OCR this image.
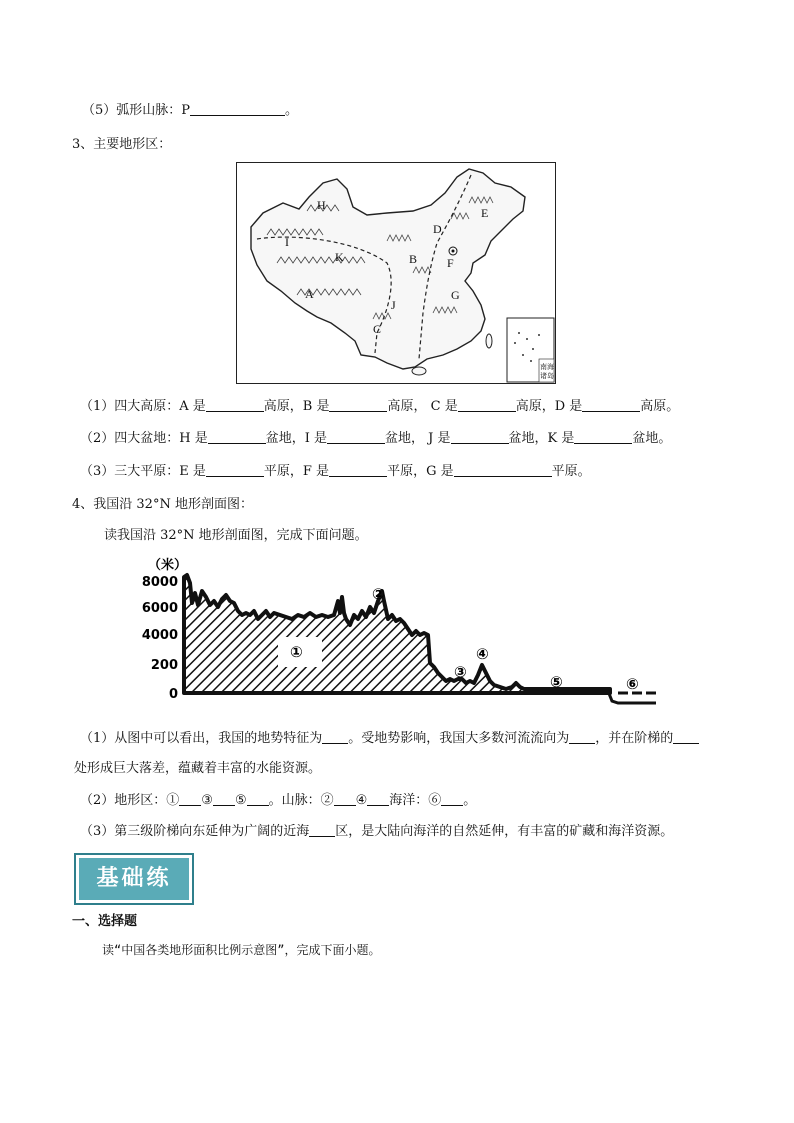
（5）弧形山脉：P	。
3、主要地形区：
H
I
K
A
B
D
E
F
G
J
C
南海
诸岛
（1）四大高原：A 是	高原，B 是	高原， C 是	高原，D 是	高原。
（2）四大盆地：H 是	盆地，I 是	盆地， J 是	盆地，K 是	盆地。
（3）三大平原：E 是	平原，F 是	平原，G 是	平原。
4、我国沿 32°N 地形剖面图：
读我国沿 32°N 地形剖面图，完成下面问题。
（米）
8000
6000
4000
200
0
①
②
③
④
⑤	⑥
（1）从图中可以看出，我国的地势特征为 。受地势影响，我国大多数河流流向为 ，并在阶梯的
处形成巨大落差，蕴藏着丰富的水能资源。
（2）地形区：① ③ ⑤ 。山脉：② ④ 海洋：⑥ 。
（3）第三级阶梯向东延伸为广阔的近海 区，是大陆向海洋的自然延伸，有丰富的矿藏和海洋资源。
基础练
一、选择题
读“中国各类地形面积比例示意图”，完成下面小题。
